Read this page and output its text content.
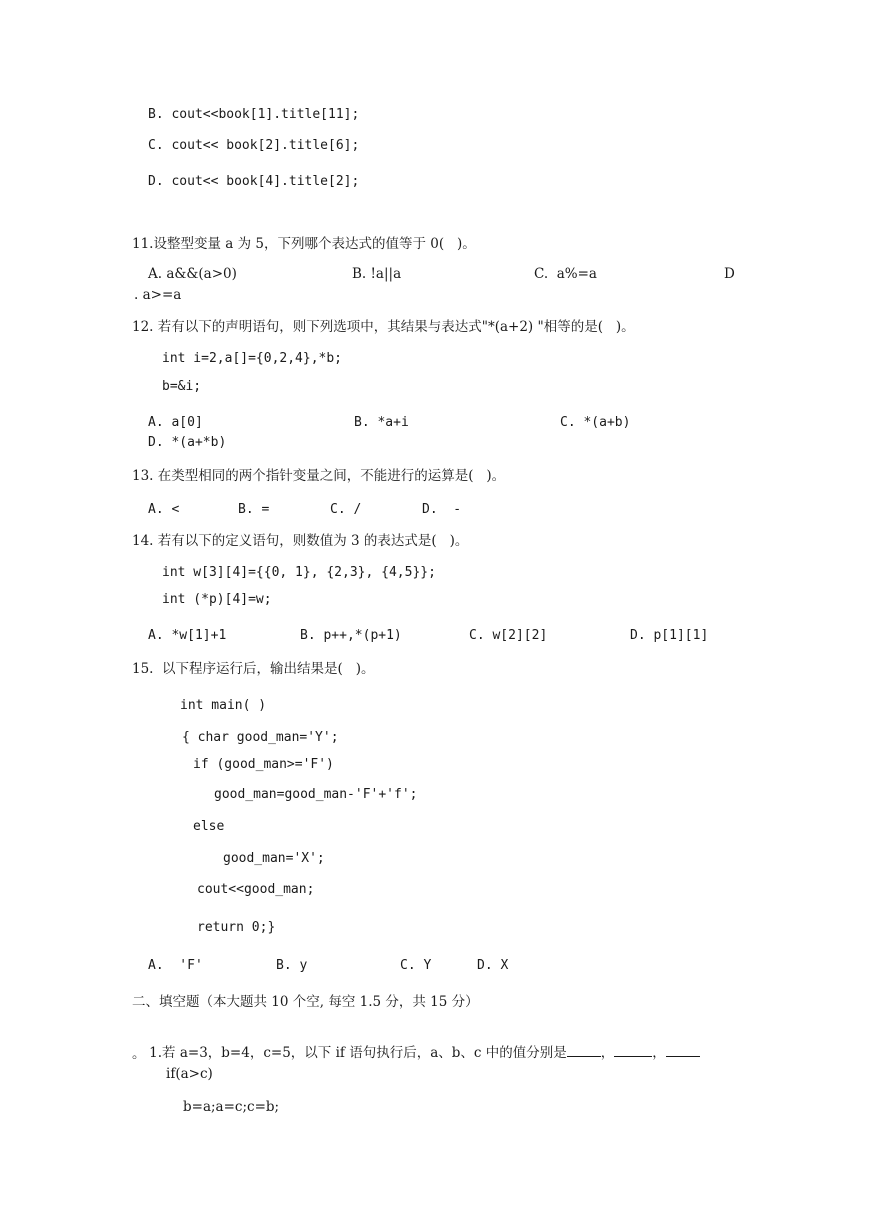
B. cout<<book[1].title[11];
C. cout<< book[2].title[6];
D. cout<< book[4].title[2];
11.设整型变量 a 为 5，下列哪个表达式的值等于 0(   )。
A. a&&(a>0)	B. !a||a	C.  a%=a	D
. a>=a
12. 若有以下的声明语句，则下列选项中，其结果与表达式"*(a+2) "相等的是(   )。
int i=2,a[]={0,2,4},*b;
b=&i;
A. a[0]	B. *a+i	C. *(a+b)
D. *(a+*b)
13. 在类型相同的两个指针变量之间，不能进行的运算是(   )。
A. <	B. =	C. /	D.  -
14. 若有以下的定义语句，则数值为 3 的表达式是(   )。
int w[3][4]={{0, 1}, {2,3}, {4,5}};
int (*p)[4]=w;
A. *w[1]+1	B. p++,*(p+1)	C. w[2][2]	D. p[1][1]
15.  以下程序运行后，输出结果是(   )。
int main( )
{ char good_man='Y';
if (good_man>='F')
good_man=good_man-'F'+'f';
else
good_man='X';
cout<<good_man;
return 0;}
A.  'F'	B. y	C. Y	D. X
二、填空题（本大题共 10 个空, 每空 1.5 分，共 15 分）

1.若 a=3，b=4，c=5，以下 if 语句执行后，a、b、c 中的值分别是	，	，

。
if(a>c)
b=a;a=c;c=b;
